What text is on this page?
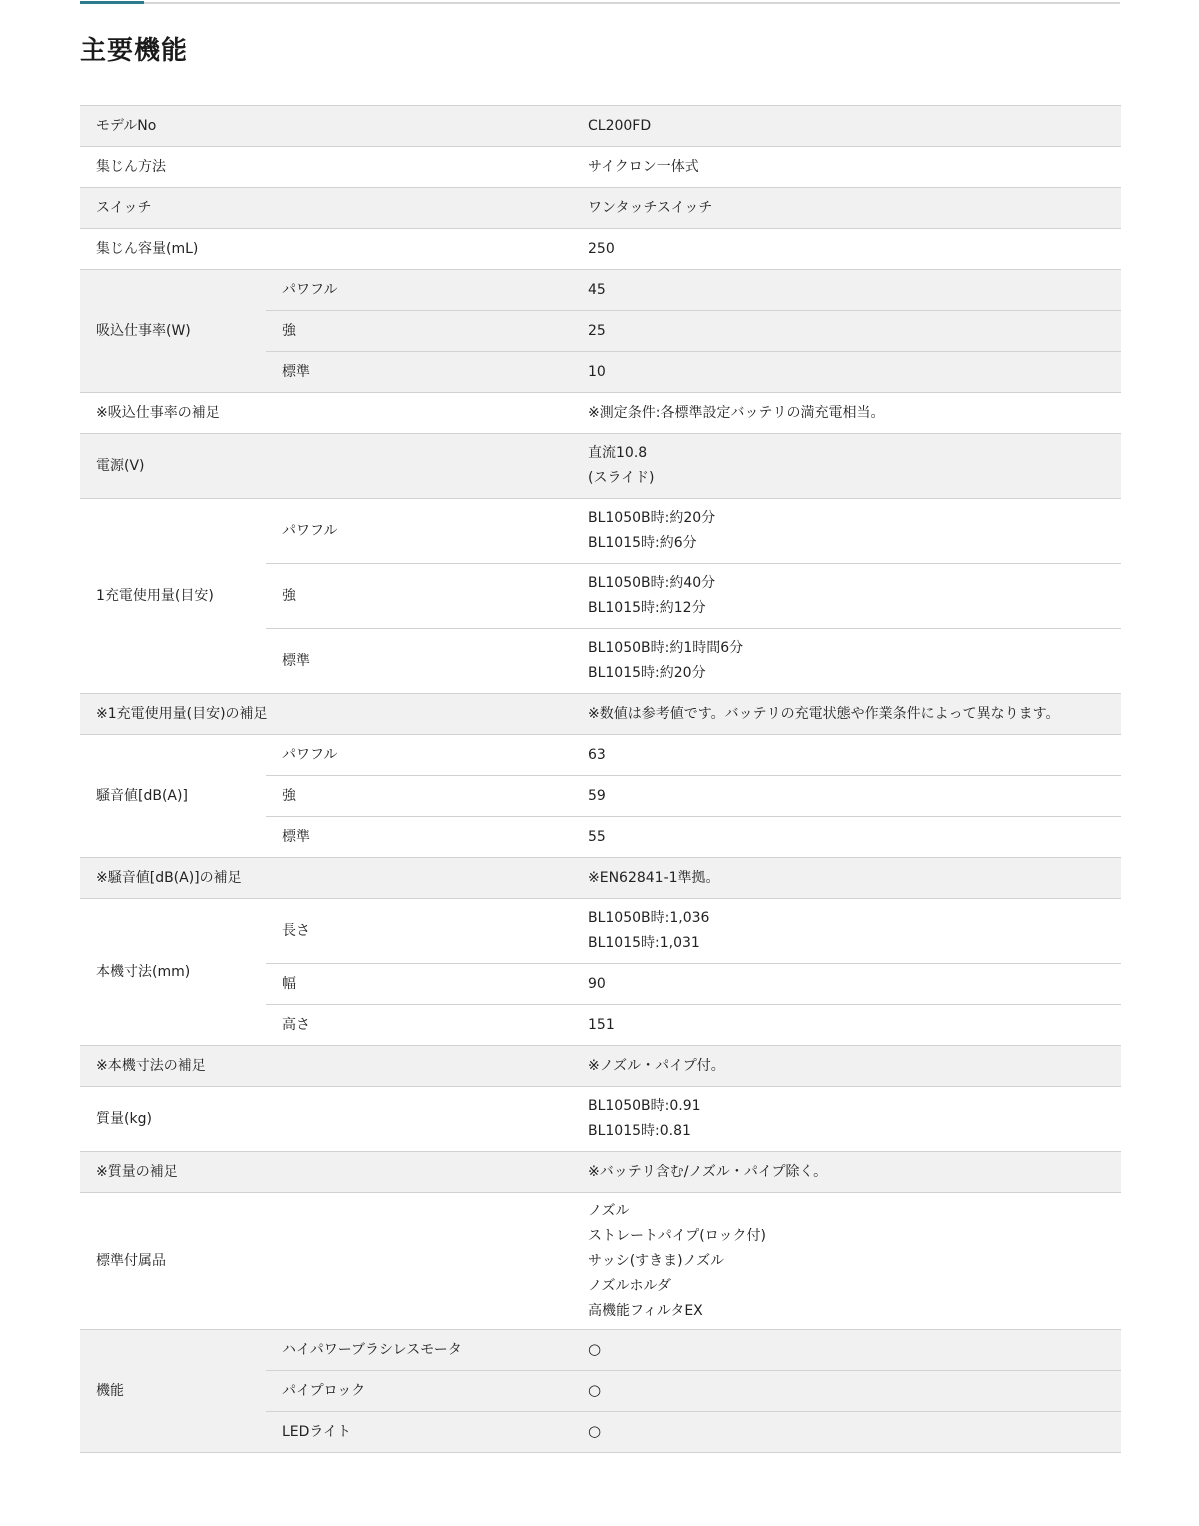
主要機能
モデルNo		CL200FD

集じん方法		サイクロン一体式

スイッチ		ワンタッチスイッチ

集じん容量(mL)		250

吸込仕事率(W)	パワフル	45

	強	25

	標準	10

※吸込仕事率の補足		※測定条件:各標準設定バッテリの満充電相当。

電源(V)		直流10.8
(スライド)

1充電使用量(目安)	パワフル	BL1050B時:約20分
BL1015時:約6分

	強	BL1050B時:約40分
BL1015時:約12分

	標準	BL1050B時:約1時間6分
BL1015時:約20分

※1充電使用量(目安)の補足		※数値は参考値です。バッテリの充電状態や作業条件によって異なります。

騒音値[dB(A)]	パワフル	63

	強	59

	標準	55

※騒音値[dB(A)]の補足		※EN62841-1準拠。

本機寸法(mm)	長さ	BL1050B時:1,036
BL1015時:1,031

	幅	90

	高さ	151

※本機寸法の補足		※ノズル・パイプ付。

質量(kg)		BL1050B時:0.91
BL1015時:0.81

※質量の補足		※バッテリ含む/ノズル・パイプ除く。

標準付属品		ノズル
ストレートパイプ(ロック付)
サッシ(すきま)ノズル
ノズルホルダ
高機能フィルタEX

機能	ハイパワーブラシレスモータ	○
	パイプロック	○
	LEDライト	○
